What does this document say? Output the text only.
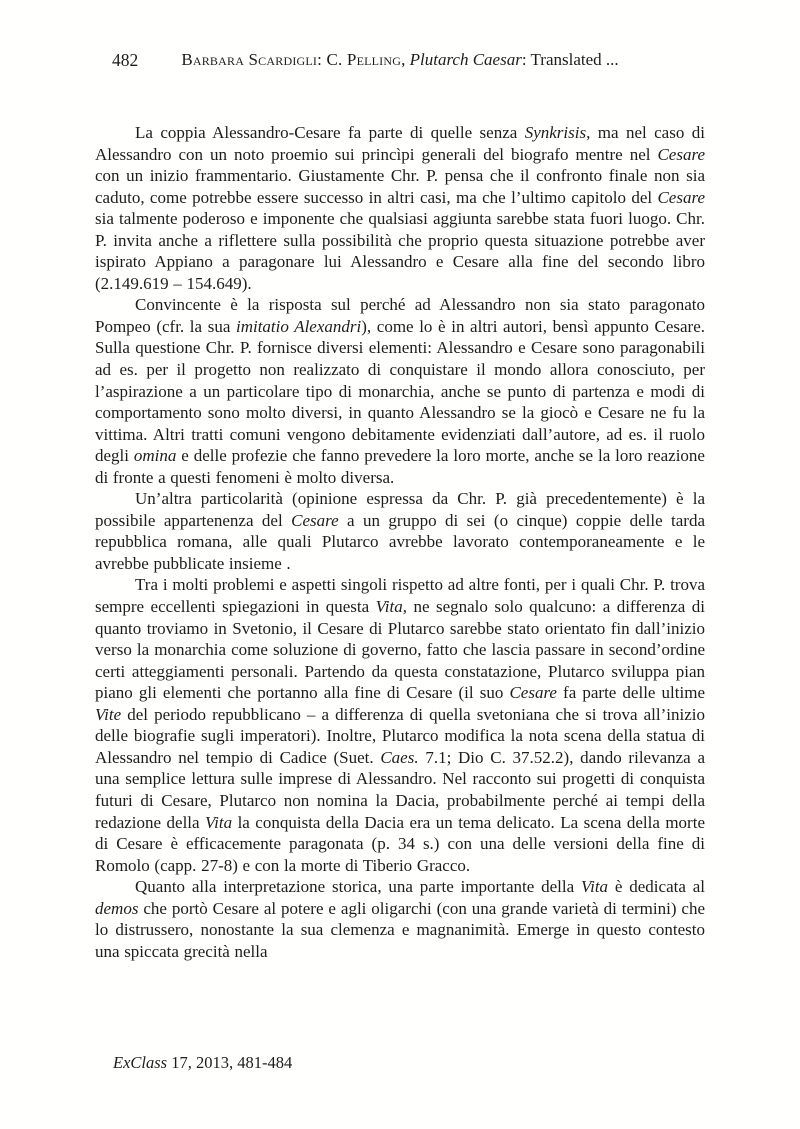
482	Barbara Scardigli: C. Pelling, Plutarch Caesar: Translated ...

La coppia Alessandro-Cesare fa parte di quelle senza Synkrisis, ma nel caso di Alessandro con un noto proemio sui princìpi generali del biografo mentre nel Cesare con un inizio frammentario. Giustamente Chr. P. pensa che il confronto finale non sia caduto, come potrebbe essere successo in altri casi, ma che l’ultimo capitolo del Cesare sia talmente poderoso e imponente che qualsiasi aggiunta sarebbe stata fuori luogo. Chr. P. invita anche a riflettere sulla possibilità che proprio questa situazione potrebbe aver ispirato Appiano a paragonare lui Alessandro e Cesare alla fine del secondo libro (2.149.619 – 154.649).

Convincente è la risposta sul perché ad Alessandro non sia stato paragonato Pompeo (cfr. la sua imitatio Alexandri), come lo è in altri autori, bensì appunto Cesare. Sulla questione Chr. P. fornisce diversi elementi: Alessandro e Cesare sono paragonabili ad es. per il progetto non realizzato di conquistare il mondo allora conosciuto, per l’aspirazione a un particolare tipo di monarchia, anche se punto di partenza e modi di comportamento sono molto diversi, in quanto Alessandro se la giocò e Cesare ne fu la vittima. Altri tratti comuni vengono debitamente evidenziati dall’autore, ad es. il ruolo degli omina e delle profezie che fanno prevedere la loro morte, anche se la loro reazione di fronte a questi fenomeni è molto diversa.

Un’altra particolarità (opinione espressa da Chr. P. già precedentemente) è la possibile appartenenza del Cesare a un gruppo di sei (o cinque) coppie delle tarda repubblica romana, alle quali Plutarco avrebbe lavorato contemporaneamente e le avrebbe pubblicate insieme .

Tra i molti problemi e aspetti singoli rispetto ad altre fonti, per i quali Chr. P. trova sempre eccellenti spiegazioni in questa Vita, ne segnalo solo qualcuno: a differenza di quanto troviamo in Svetonio, il Cesare di Plutarco sarebbe stato orientato fin dall’inizio verso la monarchia come soluzione di governo, fatto che lascia passare in second’ordine certi atteggiamenti personali. Partendo da questa constatazione, Plutarco sviluppa pian piano gli elementi che portanno alla fine di Cesare (il suo Cesare fa parte delle ultime Vite del periodo repubblicano – a differenza di quella svetoniana che si trova all’inizio delle biografie sugli imperatori). Inoltre, Plutarco modifica la nota scena della statua di Alessandro nel tempio di Cadice (Suet. Caes. 7.1; Dio C. 37.52.2), dando rilevanza a una semplice lettura sulle imprese di Alessandro. Nel racconto sui progetti di conquista futuri di Cesare, Plutarco non nomina la Dacia, probabilmente perché ai tempi della redazione della Vita la conquista della Dacia era un tema delicato. La scena della morte di Cesare è efficacemente paragonata (p. 34 s.) con una delle versioni della fine di Romolo (capp. 27-8) e con la morte di Tiberio Gracco.

Quanto alla interpretazione storica, una parte importante della Vita è dedicata al demos che portò Cesare al potere e agli oligarchi (con una grande varietà di termini) che lo distrussero, nonostante la sua clemenza e magnanimità. Emerge in questo contesto una spiccata grecità nella

ExClass 17, 2013, 481-484
